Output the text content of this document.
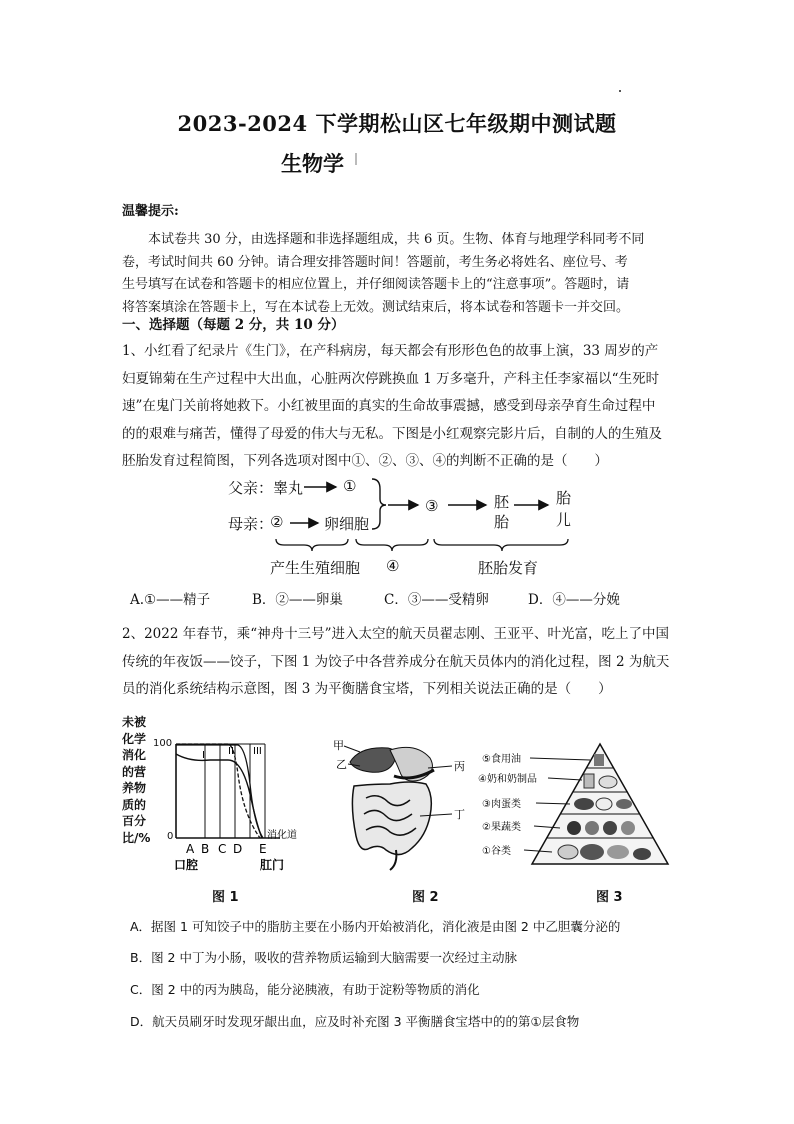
2023-2024 下学期松山区七年级期中测试题
生物学
温馨提示:
本试卷共 30 分，由选择题和非选择题组成，共 6 页。生物、体育与地理学科同考不同
卷，考试时间共 60 分钟。请合理安排答题时间！答题前，考生务必将姓名、座位号、考
生号填写在试卷和答题卡的相应位置上，并仔细阅读答题卡上的“注意事项”。答题时，请
将答案填涂在答题卡上，写在本试卷上无效。测试结束后，将本试卷和答题卡一并交回。
一、选择题（每题 2 分，共 10 分）
1、小红看了纪录片《生门》，在产科病房，每天都会有形形色色的故事上演，33 周岁的产
妇夏锦菊在生产过程中大出血，心脏两次停跳换血 1 万多毫升，产科主任李家福以“生死时
速”在鬼门关前将她救下。小红被里面的真实的生命故事震撼，感受到母亲孕育生命过程中
的的艰难与痛苦，懂得了母爱的伟大与无私。下图是小红观察完影片后，自制的人的生殖及
胚胎发育过程简图，下列各选项对图中①、②、③、④的判断不正确的是（　　）
父亲：睾丸	①
母亲：
②	卵细胞
③	胚
胎
胎
儿
产生生殖细胞 ④	胚胎发育
A.①——精子	B．②——卵巢	C．③——受精卵	D．④——分娩
2、2022 年春节，乘“神舟十三号”进入太空的航天员翟志刚、王亚平、叶光富，吃上了中国
传统的年夜饭——饺子，下图 1 为饺子中各营养成分在航天员体内的消化过程，图 2 为航天
员的消化系统结构示意图，图 3 为平衡膳食宝塔，下列相关说法正确的是（　　）
未被
化学
消化
的营
养物
质的
百分
比/%
100
0
I II III
A B C D E
口腔	肛门
消化道
图 1
甲
乙	丙
丁
图 2
⑤食用油
④奶和奶制品
③肉蛋类
②果蔬类
①谷类
图 3
A．据图 1 可知饺子中的脂肪主要在小肠内开始被消化，消化液是由图 2 中乙胆囊分泌的
B．图 2 中丁为小肠，吸收的营养物质运输到大脑需要一次经过主动脉
C．图 2 中的丙为胰岛，能分泌胰液，有助于淀粉等物质的消化
D．航天员刷牙时发现牙龈出血，应及时补充图 3 平衡膳食宝塔中的的第①层食物
